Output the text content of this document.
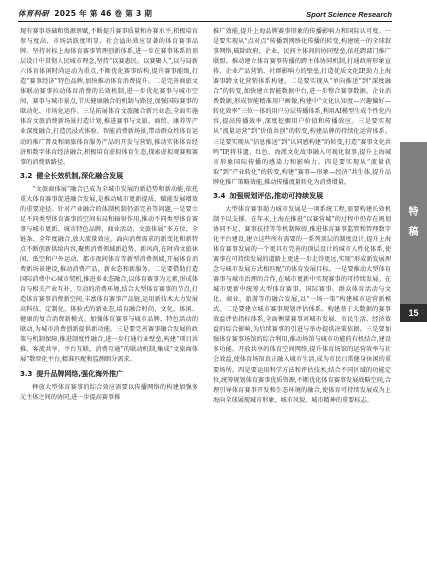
体育科研 2025 年 第 46 卷 第 3 期	Sport Science Research

现有赛事基础和资源禀赋,不断提升赛事质量和办赛水平,积极培育参与度高、市场活跃度明显、社会溢出效应显著的体育赛事品牌。坚持对标上海体育赛事管理创新体系,进一步在赛事体系的顶层设计中贯彻人民城市理念,坚持“以赛惠民、以赛聚人”,以与局新六体育体闲时尚运动为重点,不断优化赛事结构,提升赛事能级,打造“赛事经济”特色品牌,加快推动体育消费提升。二是完善商旅文体联动赛事拉动体育消费的长效机制,进一步优化赛事与城市空间、赛事与城市景点,节庆健康融合的机制与路径,加强国际赛事的联动化、市场化运作。三是拓展体育文旅融合新兴业态,全面实施体育文旅消费新场景打造计划,推进赛事与文旅、商贸、康养等产业深度融合,打造沉浸式体验、智能消费新场景,带动群众性体育运动的推广普及和商旅体育服务产品的开发与营销,推动实体体育经济和数字体育经济融合,积极培育虚拟体育生态,探索虚拟观赛和赛事的消费新路径。

3.2 健全长效机制,深化融合发展

“文旅商体展”融合已成为全城市发展的新趋势和新动能,依托重大体育赛事促进融合发展,是推动城市更新提质、赋能发展增效的重要途径。针对产业融合的体制机制仍需完善等问题,一是要立足不同类型体育赛事的空间布局和辐射作用,推动不同类型体育赛事与城市更新、城市特色品牌、商业活动、文旅体展“多方位、全链条、全年度融合,放大流量效应。面向消费需求的新变化和新特点不断创新供给内容,聚焦消费领域新趋势、新风尚,在时尚文旅休闲、低空和户外运动、都市夜间体育等新型消费领域,开展体育消费新场景建设,推动消费产品、新业态和新服务。二是要借助打造国际消费中心城市契机,推进多业态融合,以体育赛事为元素,形成体育与相关产业互补、互动的消费环境,结合大型体育赛事的节点,打造体育赛事消费新空间,丰富体育赛事产品链,运用新技术大力发展高科技、定制化、体验式的新业态,培育融合时尚、文化、体闲、健康的复合消费新模式。加强体育赛事与城市品牌、特色活动的联动,为城市消费创新提供新功能。三是要完善赛事融合发展的政策与机制保障,推进制度性融合,进一步打通行业壁垒,构建“项目共推、客流共享、平台互联、消费互通”的联动机制,集成“文旅商体展”数智化平台,精准匹配和监测细分需求。

3.3 提升品牌网络,强化海外推广

释放大型体育赛事的综合效应需要以传播网络的构建加强多元主体之间的协同,进一步提高赛事推

推广效能,提升上海品牌赛事形象的传播影响力和国际认可度。一是要实现从“点对点”传播到网络化传播的转变,构建统一的全球叙事网络,破除政府、企业、民间主体间的协同壁垒,依托跨部门推广联盟。推动建立体育赛事传播的跨主体协同机制,打通政府形象宣传、企业产品营销、社群影响力的壁垒,打造优质文化IP,助力上海赛事跨文化营销体系构建。二是要实现从“单向推送”到“深度融合”的转变,加快建立智能数据中台,进一步整合赛事数据、企业消费数据,形成智能精准用户画像,构建中“文化认知度—兴趣偏好—转化效率”三位一体的用户分层传播体系,利用AI模型生成个性化内容,提高传播效率,深度挖掘用户价值和传播效应。三是要实现从“流量运营”到“价值共创”的转变,构建品牌的持续化运营体系。三是要实现从“信息推送”到“认同感构建”的转变,打造“赛事文化共鸣”IP,将非遗、红色、海派文化故事融入可视化叙事,提升上海城市形象国际传播的感染力和影响力。四是要实现从“流量获取”到“产业转化”的转变,构建“赛事—形象—经济”共生体,提升品牌化推广策略效能,推动传播流量转化为消费增量。

3.4 加强规划评估,推动可持续发展

大型体育赛事助力城市发展是一项系统工程,需要构建长效机制予以支撑。在年末,上海在推进“以赛营城”的过程中仍存在规划协同不足、赛事扶持等等机制障碍,推进体育赛事监管和管理数字化平台建设,建立这些所有需要的一系列顶层的制度设计,提升上海体育赛事发展的一个更具有完善的顶层设计的城市人性化体系,使赛事在可持续发展的道路上更进一步走得更远,实现“形成新发展理念与城市发展方式相匹配”的体育发展目标。一是要推动大型体育赛事与城市治理的合作,在城市更新中实现赛事的可持续发展。在城市更新中统筹大型体育赛事、国际赛事、群众体育活动与文化、商业、旅游等的融合发展,以“一场一策”构建城市运营新模式。二是要建立城市赛事规划评估体系。构建基于大数据的赛事效益评估指标体系,全面衡量赛事对城市发展、市民生活、经济效益的综合影响,为后续赛事的引进与举办提供决策依据。三是要加强体育赛事场馆的综合利用,推动场馆与城市功能的有机结合,建设多功能、开放共享的体育空间网络,提升体育场馆的运营效率与社会效益,使体育场馆真正融入城市生活,成为市民日常健身休闲的重要场所。四是要运用科学方法和评估技术,结合不同区域的功能定位,统筹规划体育赛事优质资源,不断优化体育赛事发展战略空间,合理引导体育赛事开发和生态环境的融合,使体育可持续发展成为上海向全球展现城市形象、城市风貌、城市精神的重要标志。

特
稿
15
